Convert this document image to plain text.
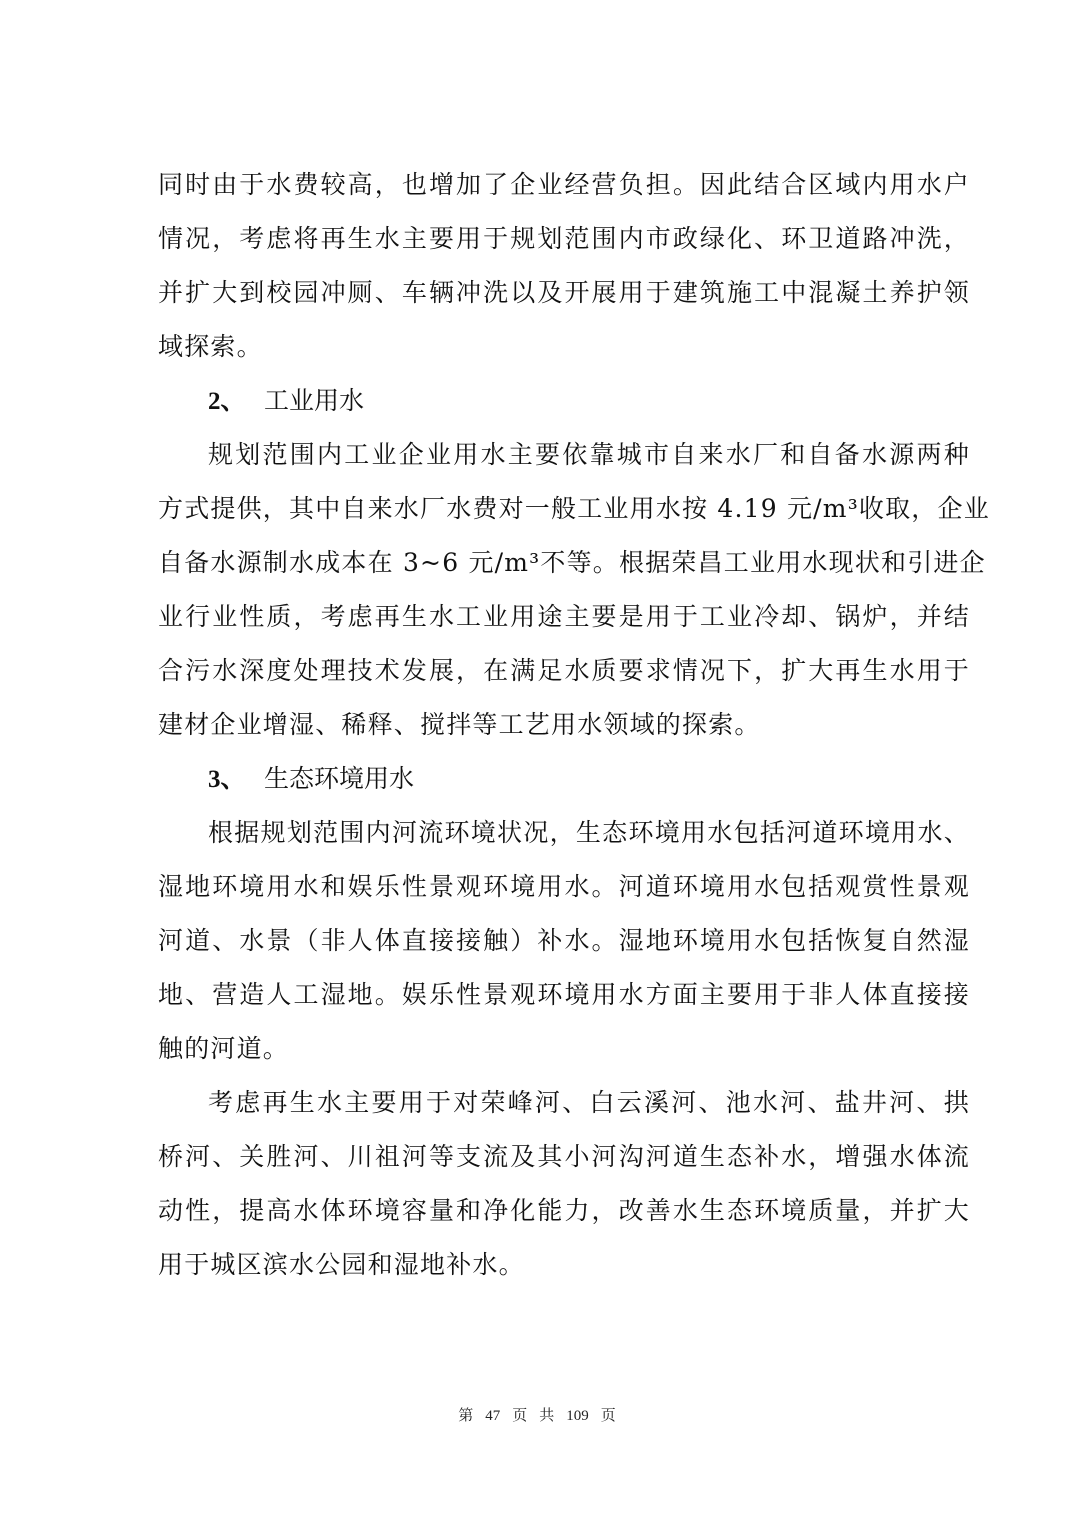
同时由于水费较高，也增加了企业经营负担。因此结合区域内用水户
情况，考虑将再生水主要用于规划范围内市政绿化、环卫道路冲洗，
并扩大到校园冲厕、车辆冲洗以及开展用于建筑施工中混凝土养护领
域探索。
2、 工业用水
规划范围内工业企业用水主要依靠城市自来水厂和自备水源两种
方式提供，其中自来水厂水费对一般工业用水按 4.19 元/m³收取，企业
自备水源制水成本在 3~6 元/m³不等。根据荣昌工业用水现状和引进企
业行业性质，考虑再生水工业用途主要是用于工业冷却、锅炉，并结
合污水深度处理技术发展，在满足水质要求情况下，扩大再生水用于
建材企业增湿、稀释、搅拌等工艺用水领域的探索。
3、 生态环境用水
根据规划范围内河流环境状况，生态环境用水包括河道环境用水、
湿地环境用水和娱乐性景观环境用水。河道环境用水包括观赏性景观
河道、水景（非人体直接接触）补水。湿地环境用水包括恢复自然湿
地、营造人工湿地。娱乐性景观环境用水方面主要用于非人体直接接
触的河道。
考虑再生水主要用于对荣峰河、白云溪河、池水河、盐井河、拱
桥河、关胜河、川祖河等支流及其小河沟河道生态补水，增强水体流
动性，提高水体环境容量和净化能力，改善水生态环境质量，并扩大
用于城区滨水公园和湿地补水。
第 47 页 共 109 页
